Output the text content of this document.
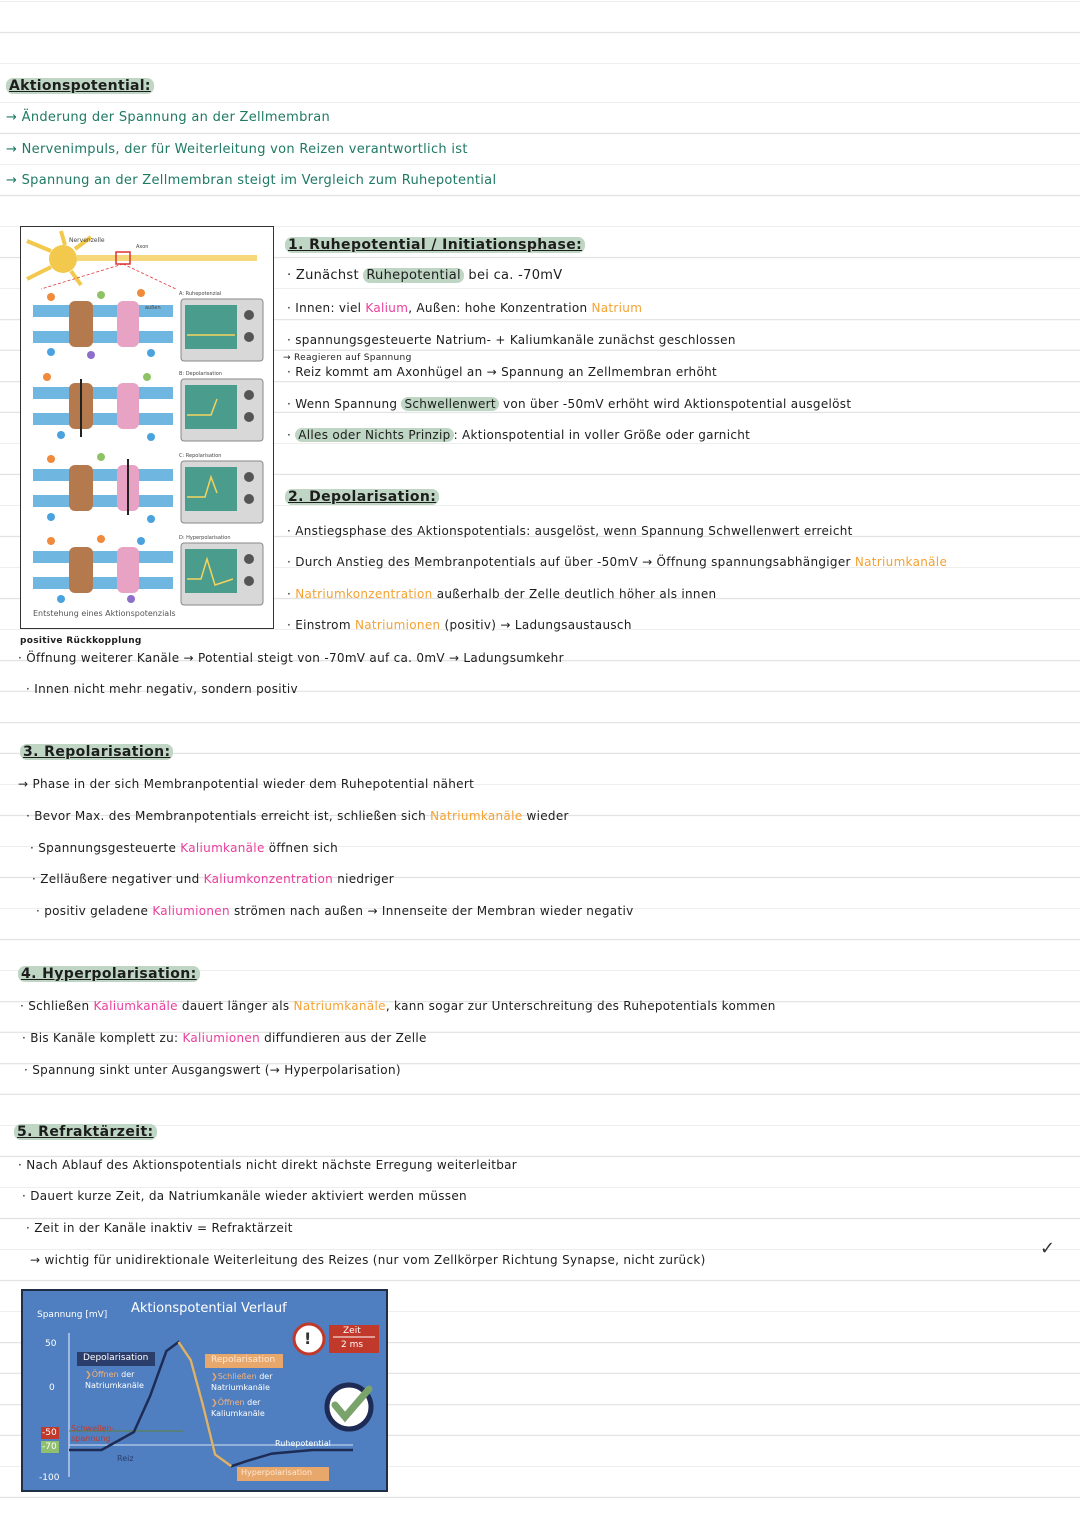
Aktionspotential:
→ Änderung der Spannung an der Zellmembran
→ Nervenimpuls, der für Weiterleitung von Reizen verantwortlich ist
→ Spannung an der Zellmembran steigt im Vergleich zum Ruhepotential
Nervenzelle
Axon
außen
A: Ruhepotenzial
B: Depolarisation
C: Repolarisation
D: Hyperpolarisation
Entstehung eines Aktionspotenzials
1. Ruhepotential / Initiationsphase:
· Zunächst Ruhepotential bei ca. -70mV
· Innen: viel Kalium, Außen: hohe Konzentration Natrium
· spannungsgesteuerte Natrium- + Kaliumkanäle zunächst geschlossen
→ Reagieren auf Spannung
· Reiz kommt am Axonhügel an → Spannung an Zellmembran erhöht
· Wenn Spannung Schwellenwert von über -50mV erhöht wird Aktionspotential ausgelöst
· Alles oder Nichts Prinzip : Aktionspotential in voller Größe oder garnicht
2. Depolarisation:
· Anstiegsphase des Aktionspotentials: ausgelöst, wenn Spannung Schwellenwert erreicht
· Durch Anstieg des Membranpotentials auf über -50mV → Öffnung spannungsabhängiger Natriumkanäle
· Natriumkonzentration außerhalb der Zelle deutlich höher als innen
· Einstrom Natriumionen (positiv) → Ladungsaustausch
positive Rückkopplung
· Öffnung weiterer Kanäle → Potential steigt von -70mV auf ca. 0mV → Ladungsumkehr
· Innen nicht mehr negativ, sondern positiv
3. Repolarisation:
→ Phase in der sich Membranpotential wieder dem Ruhepotential nähert
· Bevor Max. des Membranpotentials erreicht ist, schließen sich Natriumkanäle wieder
· Spannungsgesteuerte Kaliumkanäle öffnen sich
· Zelläußere negativer und Kaliumkonzentration niedriger
· positiv geladene Kaliumionen strömen nach außen → Innenseite der Membran wieder negativ
4. Hyperpolarisation:
· Schließen Kaliumkanäle dauert länger als Natriumkanäle, kann sogar zur Unterschreitung des Ruhepotentials kommen
· Bis Kanäle komplett zu: Kaliumionen diffundieren aus der Zelle
· Spannung sinkt unter Ausgangswert (→ Hyperpolarisation)
5. Refraktärzeit:
· Nach Ablauf des Aktionspotentials nicht direkt nächste Erregung weiterleitbar
· Dauert kurze Zeit, da Natriumkanäle wieder aktiviert werden müssen
· Zeit in der Kanäle inaktiv = Refraktärzeit
→ wichtig für unidirektionale Weiterleitung des Reizes (nur vom Zellkörper Richtung Synapse, nicht zurück)
✓
Aktionspotential Verlauf
Spannung [mV]
50
0
-50
-70
-100
!	Zeit
2 ms
Depolarisation
❯Öffnen der
Natriumkanäle
Repolarisation
❯Schließen der
Natriumkanäle
❯Öffnen der
Kaliumkanäle
Schwellen-
spannung
Reiz
Ruhepotential
Hyperpolarisation
